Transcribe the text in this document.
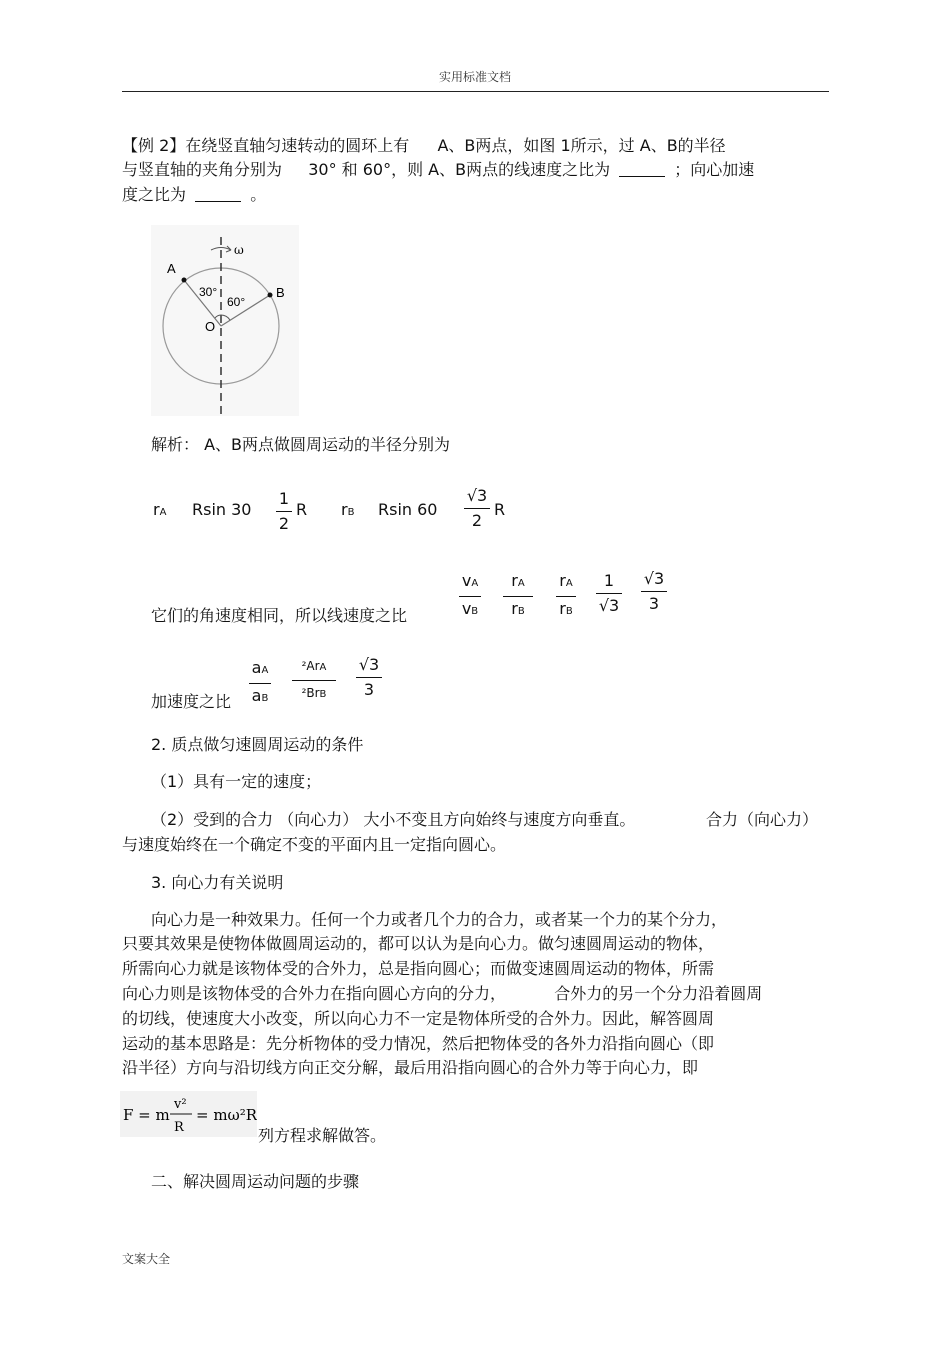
实用标准文档
【例 2】在绕竖直轴匀速转动的圆环上有 A、B两点，如图 1所示，过 A、B的半径
与竖直轴的夹角分别为 30° 和 60°，则 A、B两点的线速度之比为	；向心加速
度之比为	。
ω
A
B
O
30°
60°
解析： A、B两点做圆周运动的半径分别为
rA Rsin 30
1
2
R rB Rsin 60
√3
2
R
它们的角速度相同，所以线速度之比
vA
vB
rA
rB
rA
rB
1
√3
√3
3
加速度之比
aA
aB
²ArA
²BrB
√3
3
2. 质点做匀速圆周运动的条件
（1）具有一定的速度；
（2）受到的合力 （向心力） 大小不变且方向始终与速度方向垂直。	合力（向心力）
与速度始终在一个确定不变的平面内且一定指向圆心。
3. 向心力有关说明
向心力是一种效果力。任何一个力或者几个力的合力，或者某一个力的某个分力，
只要其效果是使物体做圆周运动的，都可以认为是向心力。做匀速圆周运动的物体，
所需向心力就是该物体受的合外力，总是指向圆心；而做变速圆周运动的物体，所需
向心力则是该物体受的合外力在指向圆心方向的分力，	合外力的另一个分力沿着圆周
的切线，使速度大小改变，所以向心力不一定是物体所受的合外力。因此，解答圆周
运动的基本思路是：先分析物体的受力情况，然后把物体受的各外力沿指向圆心（即
沿半径）方向与沿切线方向正交分解，最后用沿指向圆心的合外力等于向心力，即
F = m
v²
R
= mω²R
列方程求解做答。
二、解决圆周运动问题的步骤
文案大全
